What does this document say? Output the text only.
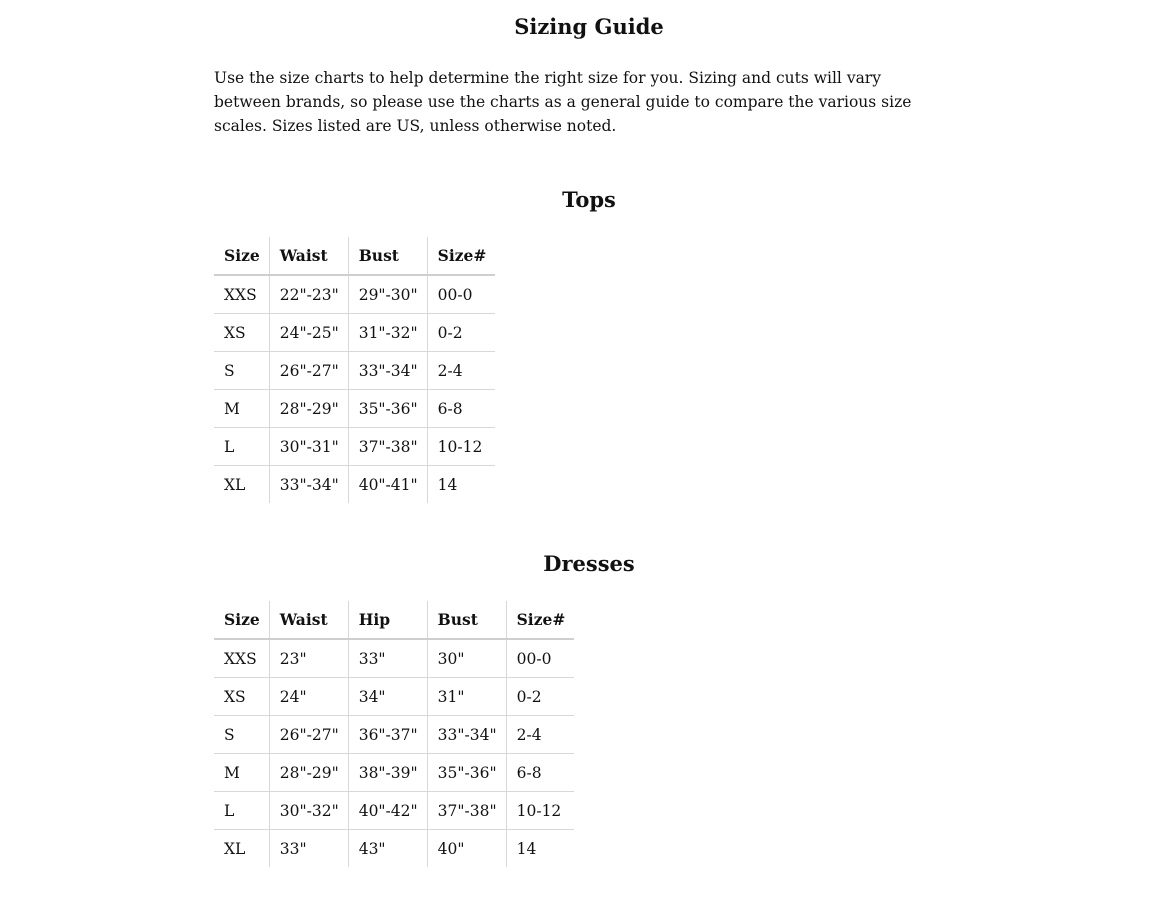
Sizing Guide

Use the size charts to help determine the right size for you. Sizing and cuts will vary between brands, so please use the charts as a general guide to compare the various size scales. Sizes listed are US, unless otherwise noted.

Tops
Size	Waist	Bust	Size#
XXS	22"-23"	29"-30"	00-0
XS	24"-25"	31"-32"	0-2
S	26"-27"	33"-34"	2-4
M	28"-29"	35"-36"	6-8
L	30"-31"	37"-38"	10-12
XL	33"-34"	40"-41"	14
Dresses
Size	Waist	Hip	Bust	Size#
XXS	23"	33"	30"	00-0
XS	24"	34"	31"	0-2
S	26"-27"	36"-37"	33"-34"	2-4
M	28"-29"	38"-39"	35"-36"	6-8
L	30"-32"	40"-42"	37"-38"	10-12
XL	33"	43"	40"	14
